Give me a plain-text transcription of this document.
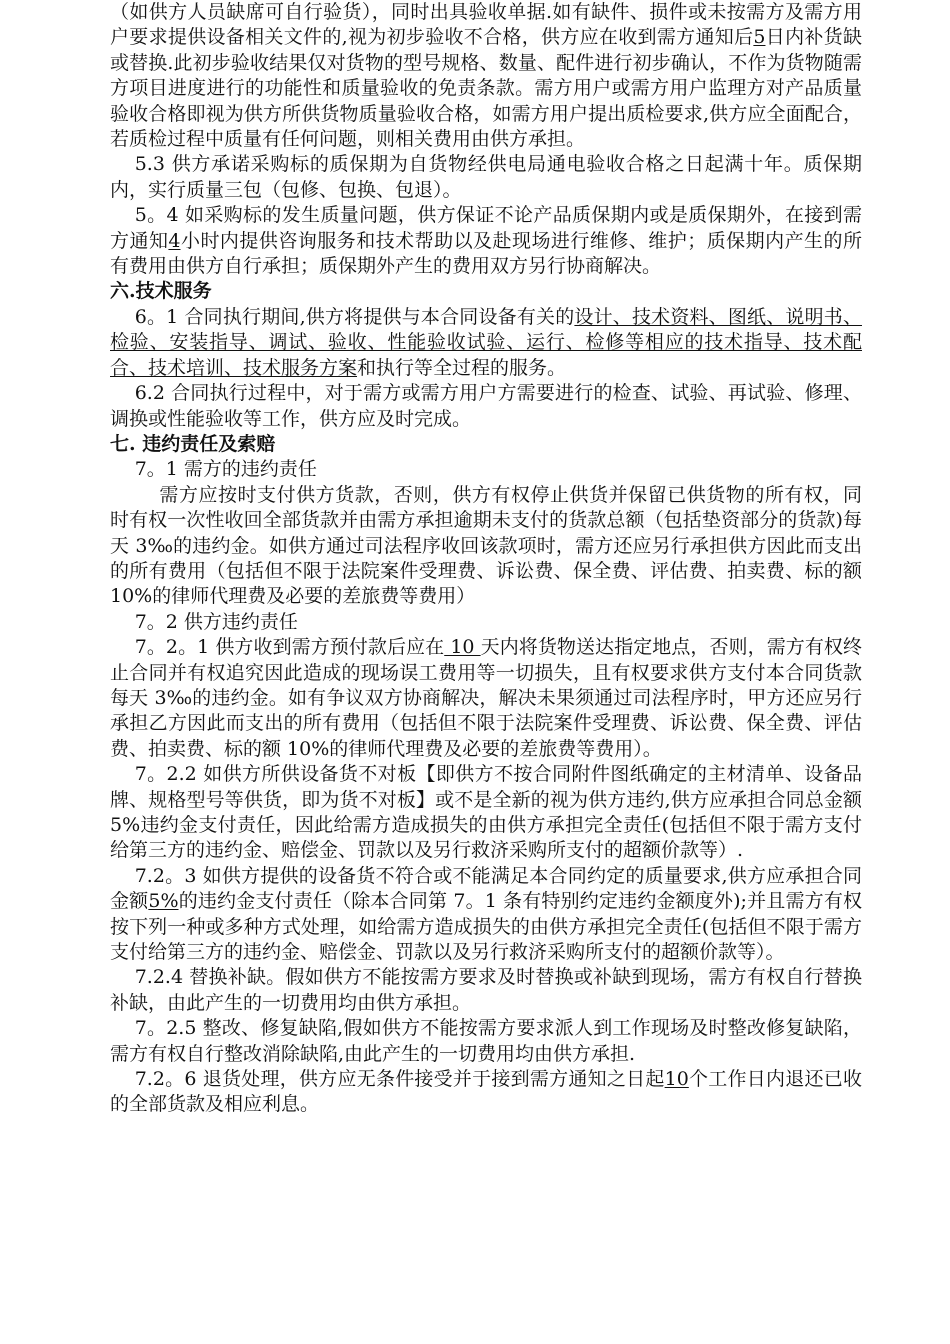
（如供方人员缺席可自行验货），同时出具验收单据.如有缺件、损件或未按需方及需方用户要求提供设备相关文件的,视为初步验收不合格，供方应在收到需方通知后5日内补货缺或替换.此初步验收结果仅对货物的型号规格、数量、配件进行初步确认，不作为货物随需方项目进度进行的功能性和质量验收的免责条款。需方用户或需方用户监理方对产品质量验收合格即视为供方所供货物质量验收合格，如需方用户提出质检要求,供方应全面配合，若质检过程中质量有任何问题，则相关费用由供方承担。
5.3 供方承诺采购标的质保期为自货物经供电局通电验收合格之日起满十年。质保期内，实行质量三包（包修、包换、包退）。
5。4 如采购标的发生质量问题，供方保证不论产品质保期内或是质保期外，在接到需方通知4小时内提供咨询服务和技术帮助以及赴现场进行维修、维护；质保期内产生的所有费用由供方自行承担；质保期外产生的费用双方另行协商解决。
六.技术服务
6。1 合同执行期间,供方将提供与本合同设备有关的设计、技术资料、图纸、说明书、检验、安装指导、调试、验收、性能验收试验、运行、检修等相应的技术指导、技术配合、技术培训、技术服务方案和执行等全过程的服务。
6.2 合同执行过程中，对于需方或需方用户方需要进行的检查、试验、再试验、修理、调换或性能验收等工作，供方应及时完成。
七. 违约责任及索赔
7。1 需方的违约责任
需方应按时支付供方货款，否则，供方有权停止供货并保留已供货物的所有权，同时有权一次性收回全部货款并由需方承担逾期未支付的货款总额（包括垫资部分的货款)每天 3‰的违约金。如供方通过司法程序收回该款项时，需方还应另行承担供方因此而支出的所有费用（包括但不限于法院案件受理费、诉讼费、保全费、评估费、拍卖费、标的额 10%的律师代理费及必要的差旅费等费用）
7。2 供方违约责任
7。2。1 供方收到需方预付款后应在 10 天内将货物送达指定地点，否则，需方有权终止合同并有权追究因此造成的现场误工费用等一切损失，且有权要求供方支付本合同货款每天 3‰的违约金。如有争议双方协商解决，解决未果须通过司法程序时，甲方还应另行承担乙方因此而支出的所有费用（包括但不限于法院案件受理费、诉讼费、保全费、评估费、拍卖费、标的额 10%的律师代理费及必要的差旅费等费用）。
7。2.2 如供方所供设备货不对板【即供方不按合同附件图纸确定的主材清单、设备品牌、规格型号等供货，即为货不对板】或不是全新的视为供方违约,供方应承担合同总金额 5%违约金支付责任，因此给需方造成损失的由供方承担完全责任(包括但不限于需方支付给第三方的违约金、赔偿金、罚款以及另行救济采购所支付的超额价款等）.
7.2。3 如供方提供的设备货不符合或不能满足本合同约定的质量要求,供方应承担合同金额5%的违约金支付责任（除本合同第 7。1 条有特别约定违约金额度外);并且需方有权按下列一种或多种方式处理，如给需方造成损失的由供方承担完全责任(包括但不限于需方支付给第三方的违约金、赔偿金、罚款以及另行救济采购所支付的超额价款等）。
7.2.4 替换补缺。假如供方不能按需方要求及时替换或补缺到现场，需方有权自行替换补缺，由此产生的一切费用均由供方承担。
7。2.5 整改、修复缺陷,假如供方不能按需方要求派人到工作现场及时整改修复缺陷，需方有权自行整改消除缺陷,由此产生的一切费用均由供方承担.
7.2。6 退货处理，供方应无条件接受并于接到需方通知之日起10个工作日内退还已收的全部货款及相应利息。
